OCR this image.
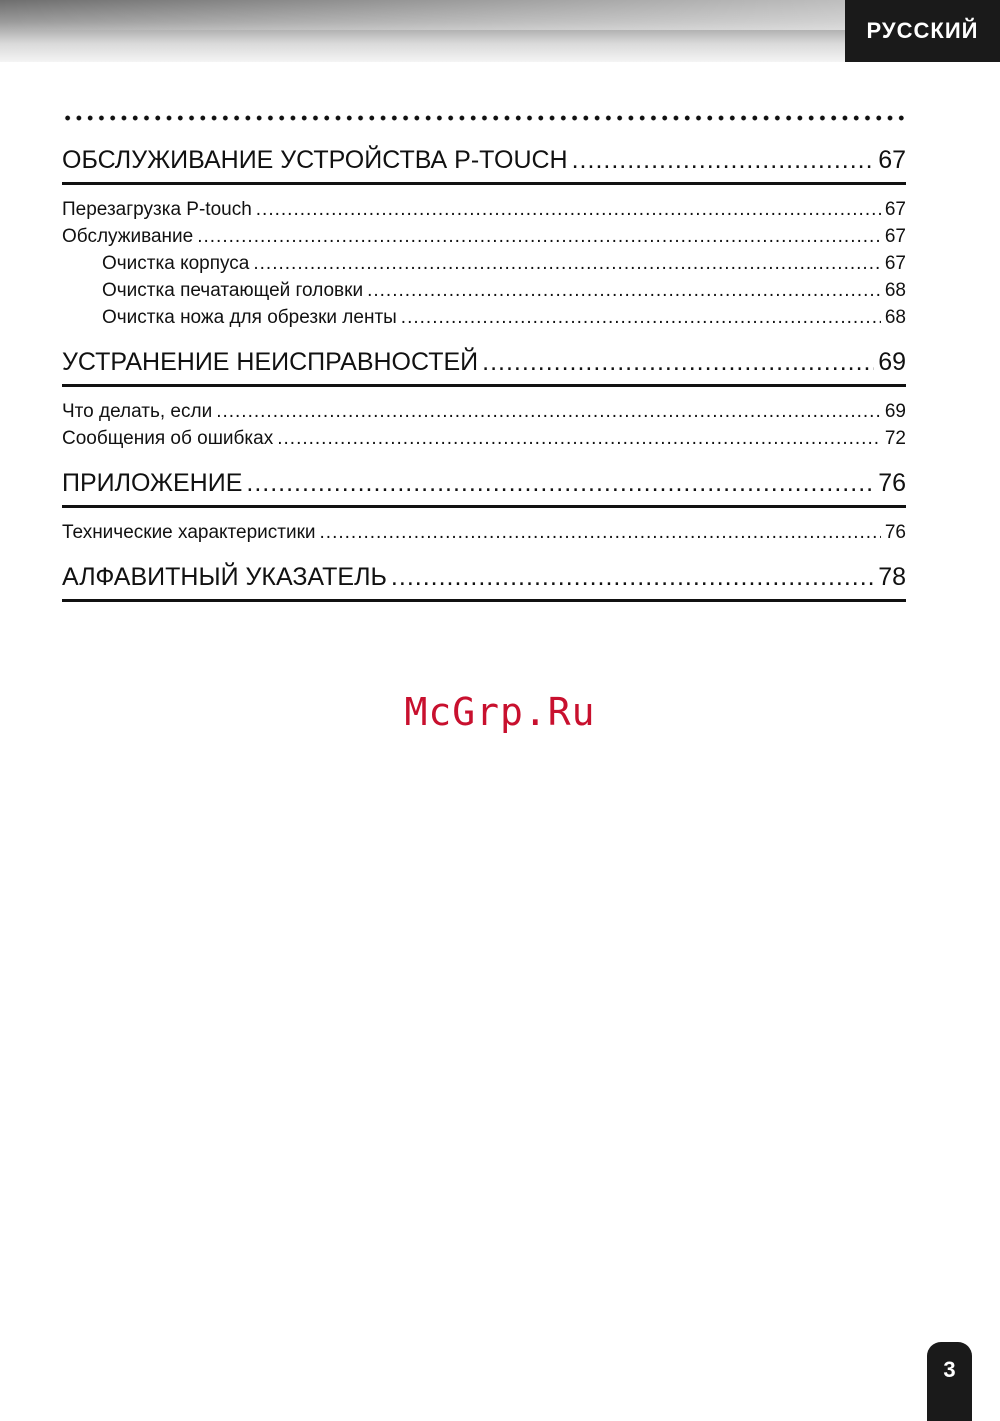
РУССКИЙ
ОБСЛУЖИВАНИЕ УСТРОЙСТВА P-TOUCH .....	67
Перезагрузка P-touch .....	67
Обслуживание .....	67
Очистка корпуса .....	67
Очистка печатающей головки .....	68
Очистка ножа для обрезки ленты .....	68
УСТРАНЕНИЕ НЕИСПРАВНОСТЕЙ .....	69
Что делать, если .....	69
Сообщения об ошибках .....	72
ПРИЛОЖЕНИЕ .....	76
Технические характеристики .....	76
АЛФАВИТНЫЙ УКАЗАТЕЛЬ .....	78
McGrp.Ru
3
